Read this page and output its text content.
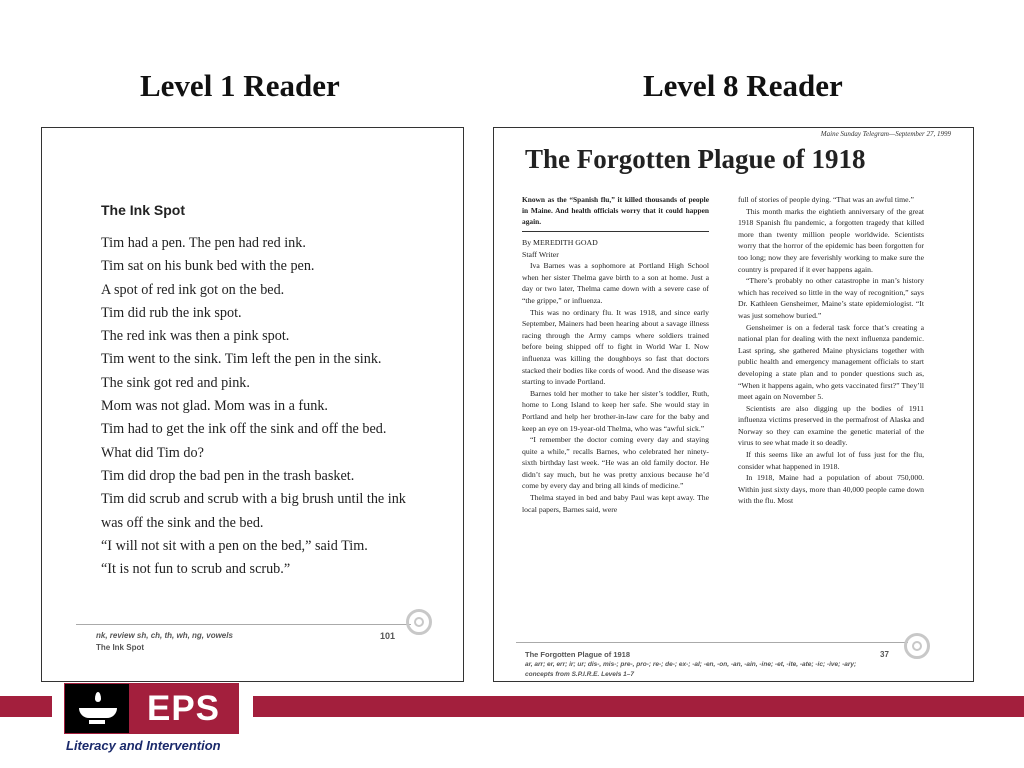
Level 1 Reader	Level 8 Reader
The Ink Spot
Tim had a pen. The pen had red ink.
Tim sat on his bunk bed with the pen.
A spot of red ink got on the bed.
Tim did rub the ink spot.
The red ink was then a pink spot.
Tim went to the sink. Tim left the pen in the sink.
The sink got red and pink.
Mom was not glad. Mom was in a funk.
Tim had to get the ink off the sink and off the bed.
What did Tim do?
Tim did drop the bad pen in the trash basket.
Tim did scrub and scrub with a big brush until the ink
was off the sink and the bed.
“I will not sit with a pen on the bed,” said Tim.
“It is not fun to scrub and scrub.”
nk, review sh, ch, th, wh, ng, vowels
The Ink Spot
101
Maine Sunday Telegram—September 27, 1999
The Forgotten Plague of 1918

Known as the “Spanish flu,” it killed thousands of people in Maine. And health officials worry that it could happen again.

By MEREDITH GOAD

Staff Writer

Iva Barnes was a sophomore at Portland High School when her sister Thelma gave birth to a son at home. Just a day or two later, Thelma came down with a severe case of “the grippe,” or influenza.

This was no ordinary flu. It was 1918, and since early September, Mainers had been hearing about a savage illness racing through the Army camps where soldiers trained before being shipped off to fight in World War I. Now influenza was killing the doughboys so fast that doctors stacked their bodies like cords of wood. And the disease was starting to invade Portland.

Barnes told her mother to take her sister’s toddler, Ruth, home to Long Island to keep her safe. She would stay in Portland and help her brother-in-law care for the baby and keep an eye on 19-year-old Thelma, who was “awful sick.”

“I remember the doctor coming every day and staying quite a while,” recalls Barnes, who celebrated her ninety-sixth birthday last week. “He was an old family doctor. He didn’t say much, but he was pretty anxious because he’d come by every day and bring all kinds of medicine.”

Thelma stayed in bed and baby Paul was kept away. The local papers, Barnes said, were

full of stories of people dying. “That was an awful time.”

This month marks the eightieth anniversary of the great 1918 Spanish flu pandemic, a forgotten tragedy that killed more than twenty million people worldwide. Scientists worry that the horror of the epidemic has been forgotten for too long; now they are feverishly working to make sure the country is prepared if it ever happens again.

“There’s probably no other catastrophe in man’s history which has received so little in the way of recognition,” says Dr. Kathleen Gensheimer, Maine’s state epidemiologist. “It was just somehow buried.”

Gensheimer is on a federal task force that’s creating a national plan for dealing with the next influenza pandemic. Last spring, she gathered Maine physicians together with public health and emergency management officials to start developing a state plan and to ponder questions such as, “When it happens again, who gets vaccinated first?” They’ll meet again on November 5.

Scientists are also digging up the bodies of 1911 influenza victims preserved in the permafrost of Alaska and Norway so they can examine the genetic material of the virus to see what made it so deadly.

If this seems like an awful lot of fuss just for the flu, consider what happened in 1918.

In 1918, Maine had a population of about 750,000. Within just sixty days, more than 40,000 people came down with the flu. Most

The Forgotten Plague of 1918
ar, arr; er, err; ir; ur; dis-, mis-; pre-, pro-; re-; de-; ex-; -al; -en, -on, -an, -ain, -ine; -et, -ite, -ate; -ic; -ive; -ary; concepts from S.P.I.R.E. Levels 1–7
37
EPS
Literacy and Intervention
